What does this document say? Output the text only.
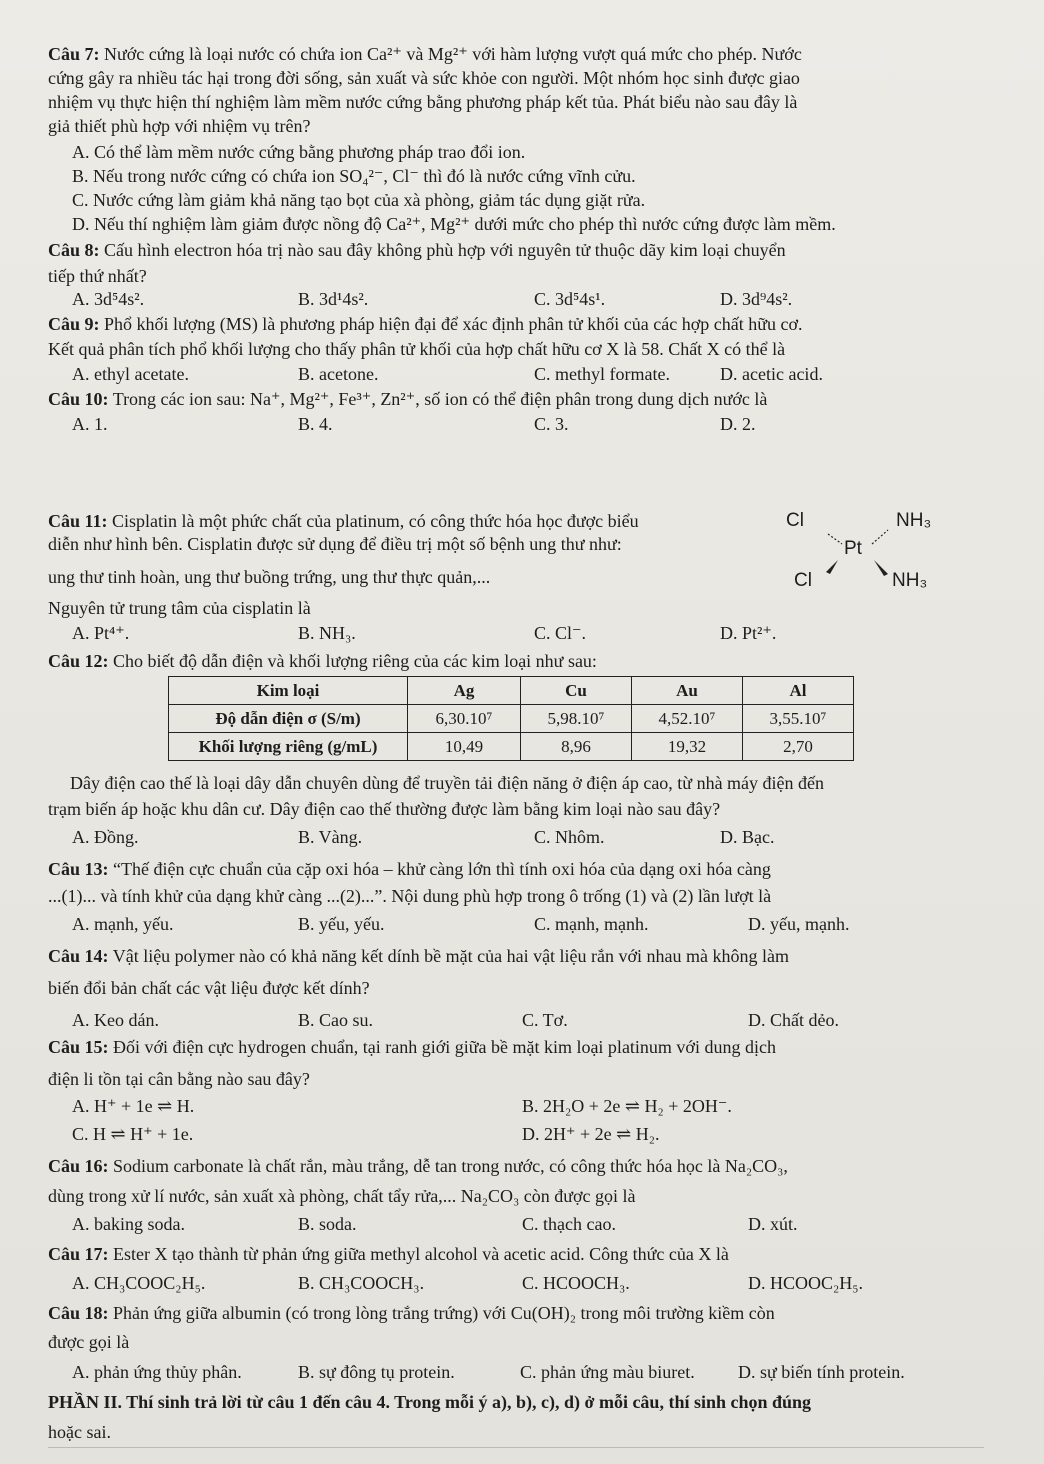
Câu 7: Nước cứng là loại nước có chứa ion Ca²⁺ và Mg²⁺ với hàm lượng vượt quá mức cho phép. Nước
cứng gây ra nhiều tác hại trong đời sống, sản xuất và sức khỏe con người. Một nhóm học sinh được giao
nhiệm vụ thực hiện thí nghiệm làm mềm nước cứng bằng phương pháp kết tủa. Phát biểu nào sau đây là
giả thiết phù hợp với nhiệm vụ trên?
A. Có thể làm mềm nước cứng bằng phương pháp trao đổi ion.
B. Nếu trong nước cứng có chứa ion SO₄²⁻, Cl⁻ thì đó là nước cứng vĩnh cửu.
C. Nước cứng làm giảm khả năng tạo bọt của xà phòng, giảm tác dụng giặt rửa.
D. Nếu thí nghiệm làm giảm được nồng độ Ca²⁺, Mg²⁺ dưới mức cho phép thì nước cứng được làm mềm.
Câu 8: Cấu hình electron hóa trị nào sau đây không phù hợp với nguyên tử thuộc dãy kim loại chuyển
tiếp thứ nhất?
A. 3d⁵4s².	B. 3d¹4s².	C. 3d⁵4s¹.	D. 3d⁹4s².
Câu 9: Phổ khối lượng (MS) là phương pháp hiện đại để xác định phân tử khối của các hợp chất hữu cơ.
Kết quả phân tích phổ khối lượng cho thấy phân tử khối của hợp chất hữu cơ X là 58. Chất X có thể là
A. ethyl acetate.	B. acetone.	C. methyl formate.	D. acetic acid.
Câu 10: Trong các ion sau: Na⁺, Mg²⁺, Fe³⁺, Zn²⁺, số ion có thể điện phân trong dung dịch nước là
A. 1.	B. 4.	C. 3.	D. 2.
Câu 11: Cisplatin là một phức chất của platinum, có công thức hóa học được biểu
diễn như hình bên. Cisplatin được sử dụng để điều trị một số bệnh ung thư như:
ung thư tinh hoàn, ung thư buồng trứng, ung thư thực quản,...
Nguyên tử trung tâm của cisplatin là
A. Pt⁴⁺.	B. NH₃.	C. Cl⁻.	D. Pt²⁺.
Cl	NH₃
Pt
Cl	NH₃
Câu 12: Cho biết độ dẫn điện và khối lượng riêng của các kim loại như sau:
Kim loại	Ag	Cu	Au	Al
Độ dẫn điện σ (S/m)	6,30.10⁷	5,98.10⁷	4,52.10⁷	3,55.10⁷
Khối lượng riêng (g/mL)	10,49	8,96	19,32	2,70
Dây điện cao thế là loại dây dẫn chuyên dùng để truyền tải điện năng ở điện áp cao, từ nhà máy điện đến
trạm biến áp hoặc khu dân cư. Dây điện cao thế thường được làm bằng kim loại nào sau đây?
A. Đồng.	B. Vàng.	C. Nhôm.	D. Bạc.
Câu 13: “Thế điện cực chuẩn của cặp oxi hóa – khử càng lớn thì tính oxi hóa của dạng oxi hóa càng
...(1)... và tính khử của dạng khử càng ...(2)...”. Nội dung phù hợp trong ô trống (1) và (2) lần lượt là
A. mạnh, yếu.	B. yếu, yếu.	C. mạnh, mạnh.	D. yếu, mạnh.
Câu 14: Vật liệu polymer nào có khả năng kết dính bề mặt của hai vật liệu rắn với nhau mà không làm
biến đổi bản chất các vật liệu được kết dính?
A. Keo dán.	B. Cao su.	C. Tơ.	D. Chất dẻo.
Câu 15: Đối với điện cực hydrogen chuẩn, tại ranh giới giữa bề mặt kim loại platinum với dung dịch
điện li tồn tại cân bằng nào sau đây?
A. H⁺ + 1e ⇌ H.	B. 2H₂O + 2e ⇌ H₂ + 2OH⁻.
C. H ⇌ H⁺ + 1e.	D. 2H⁺ + 2e ⇌ H₂.
Câu 16: Sodium carbonate là chất rắn, màu trắng, dễ tan trong nước, có công thức hóa học là Na₂CO₃,
dùng trong xử lí nước, sản xuất xà phòng, chất tẩy rửa,... Na₂CO₃ còn được gọi là
A. baking soda.	B. soda.	C. thạch cao.	D. xút.
Câu 17: Ester X tạo thành từ phản ứng giữa methyl alcohol và acetic acid. Công thức của X là
A. CH₃COOC₂H₅.	B. CH₃COOCH₃.	C. HCOOCH₃.	D. HCOOC₂H₅.
Câu 18: Phản ứng giữa albumin (có trong lòng trắng trứng) với Cu(OH)₂ trong môi trường kiềm còn
được gọi là
A. phản ứng thủy phân.	B. sự đông tụ protein.	C. phản ứng màu biuret. D. sự biến tính protein.
PHẦN II. Thí sinh trả lời từ câu 1 đến câu 4. Trong mỗi ý a), b), c), d) ở mỗi câu, thí sinh chọn đúng
hoặc sai.
